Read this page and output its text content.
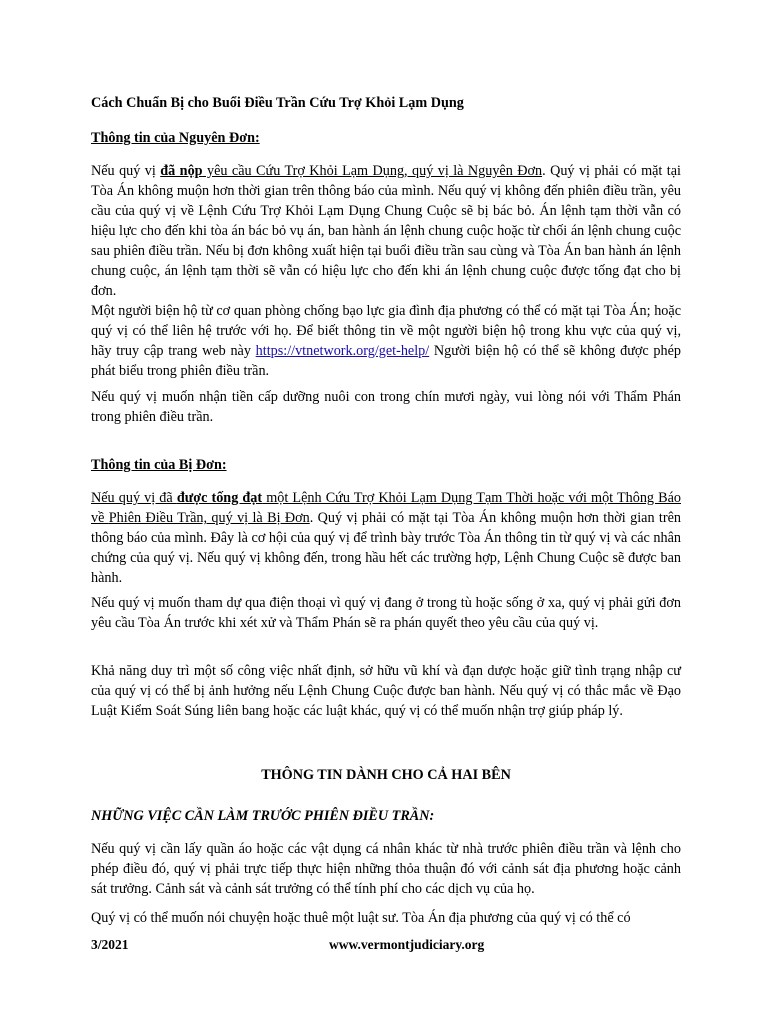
Cách Chuẩn Bị cho Buổi Điều Trần Cứu Trợ Khỏi Lạm Dụng

Thông tin của Nguyên Đơn:

Nếu quý vị đã nộp yêu cầu Cứu Trợ Khỏi Lạm Dụng, quý vị là Nguyên Đơn. Quý vị phải có mặt tại Tòa Án không muộn hơn thời gian trên thông báo của mình. Nếu quý vị không đến phiên điều trần, yêu cầu của quý vị về Lệnh Cứu Trợ Khỏi Lạm Dụng Chung Cuộc sẽ bị bác bỏ. Án lệnh tạm thời vẫn có hiệu lực cho đến khi tòa án bác bỏ vụ án, ban hành án lệnh chung cuộc hoặc từ chối án lệnh chung cuộc sau phiên điều trần. Nếu bị đơn không xuất hiện tại buổi điều trần sau cùng và Tòa Án ban hành án lệnh chung cuộc, án lệnh tạm thời sẽ vẫn có hiệu lực cho đến khi án lệnh chung cuộc được tống đạt cho bị đơn.

Một người biện hộ từ cơ quan phòng chống bạo lực gia đình địa phương có thể có mặt tại Tòa Án; hoặc quý vị có thể liên hệ trước với họ. Để biết thông tin về một người biện hộ trong khu vực của quý vị, hãy truy cập trang web này https://vtnetwork.org/get-help/ Người biện hộ có thể sẽ không được phép phát biểu trong phiên điều trần.

Nếu quý vị muốn nhận tiền cấp dưỡng nuôi con trong chín mươi ngày, vui lòng nói với Thẩm Phán trong phiên điều trần.

Thông tin của Bị Đơn:

Nếu quý vị đã được tống đạt một Lệnh Cứu Trợ Khỏi Lạm Dụng Tạm Thời hoặc với một Thông Báo về Phiên Điều Trần, quý vị là Bị Đơn. Quý vị phải có mặt tại Tòa Án không muộn hơn thời gian trên thông báo của mình. Đây là cơ hội của quý vị để trình bày trước Tòa Án thông tin từ quý vị và các nhân chứng của quý vị. Nếu quý vị không đến, trong hầu hết các trường hợp, Lệnh Chung Cuộc sẽ được ban hành.

Nếu quý vị muốn tham dự qua điện thoại vì quý vị đang ở trong tù hoặc sống ở xa, quý vị phải gửi đơn yêu cầu Tòa Án trước khi xét xử và Thẩm Phán sẽ ra phán quyết theo yêu cầu của quý vị.

Khả năng duy trì một số công việc nhất định, sở hữu vũ khí và đạn dược hoặc giữ tình trạng nhập cư của quý vị có thể bị ảnh hưởng nếu Lệnh Chung Cuộc được ban hành. Nếu quý vị có thắc mắc về Đạo Luật Kiểm Soát Súng liên bang hoặc các luật khác, quý vị có thể muốn nhận trợ giúp pháp lý.

THÔNG TIN DÀNH CHO CẢ HAI BÊN

NHỮNG VIỆC CẦN LÀM TRƯỚC PHIÊN ĐIỀU TRẦN:

Nếu quý vị cần lấy quần áo hoặc các vật dụng cá nhân khác từ nhà trước phiên điều trần và lệnh cho phép điều đó, quý vị phải trực tiếp thực hiện những thỏa thuận đó với cảnh sát địa phương hoặc cảnh sát trưởng. Cảnh sát và cảnh sát trưởng có thể tính phí cho các dịch vụ của họ.

Quý vị có thể muốn nói chuyện hoặc thuê một luật sư. Tòa Án địa phương của quý vị có thể có

3/2021	www.vermontjudiciary.org
